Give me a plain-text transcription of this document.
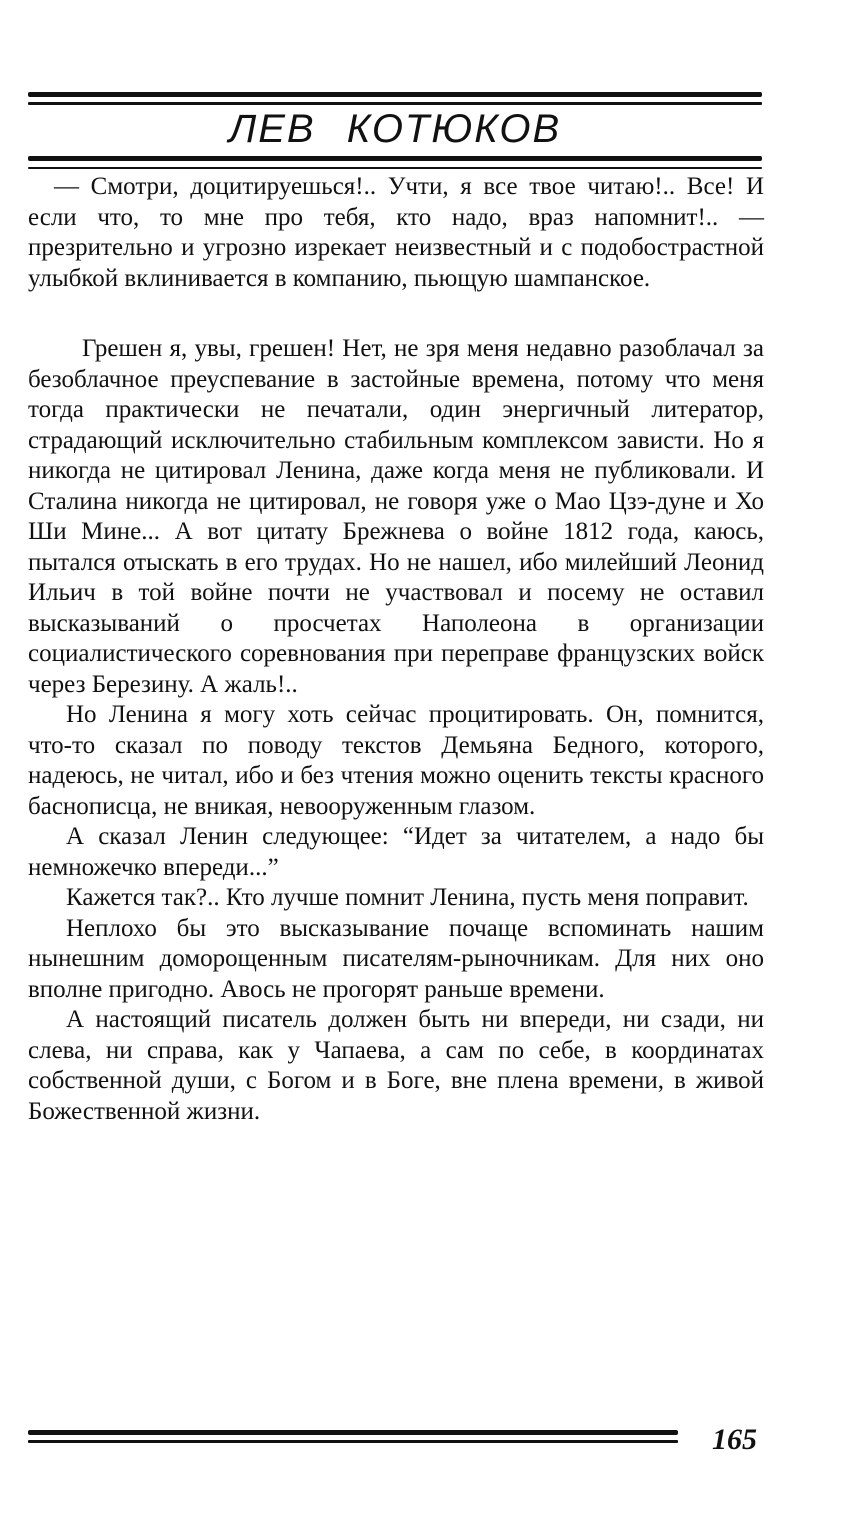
ЛЕВ КОТЮКОВ

— Смотри, доцитируешься!.. Учти, я все твое читаю!.. Все! И если что, то мне про тебя, кто надо, враз напомнит!.. — презрительно и угрозно изрекает неизвестный и с подобострастной улыбкой вклинивается в компанию, пьющую шампанское.

Грешен я, увы, грешен! Нет, не зря меня недавно разоблачал за безоблачное преуспевание в застойные времена, потому что меня тогда практически не печатали, один энергичный литератор, страдающий исключительно стабильным комплексом зависти. Но я никогда не цитировал Ленина, даже когда меня не публиковали. И Сталина никогда не цитировал, не говоря уже о Мао Цзэ-дуне и Хо Ши Мине... А вот цитату Брежнева о войне 1812 года, каюсь, пытался отыскать в его трудах. Но не нашел, ибо милейший Леонид Ильич в той войне почти не участвовал и посему не оставил высказываний о просчетах Наполеона в организации социалистического соревнования при переправе французских войск через Березину. А жаль!..

Но Ленина я могу хоть сейчас процитировать. Он, помнится, что-то сказал по поводу текстов Демьяна Бедного, которого, надеюсь, не читал, ибо и без чтения можно оценить тексты красного баснописца, не вникая, невооруженным глазом.

А сказал Ленин следующее: “Идет за читателем, а надо бы немножечко впереди...”

Кажется так?.. Кто лучше помнит Ленина, пусть меня поправит.

Неплохо бы это высказывание почаще вспоминать нашим нынешним доморощенным писателям-рыночникам. Для них оно вполне пригодно. Авось не прогорят раньше времени.

А настоящий писатель должен быть ни впереди, ни сзади, ни слева, ни справа, как у Чапаева, а сам по себе, в координатах собственной души, с Богом и в Боге, вне плена времени, в живой Божественной жизни.

165
